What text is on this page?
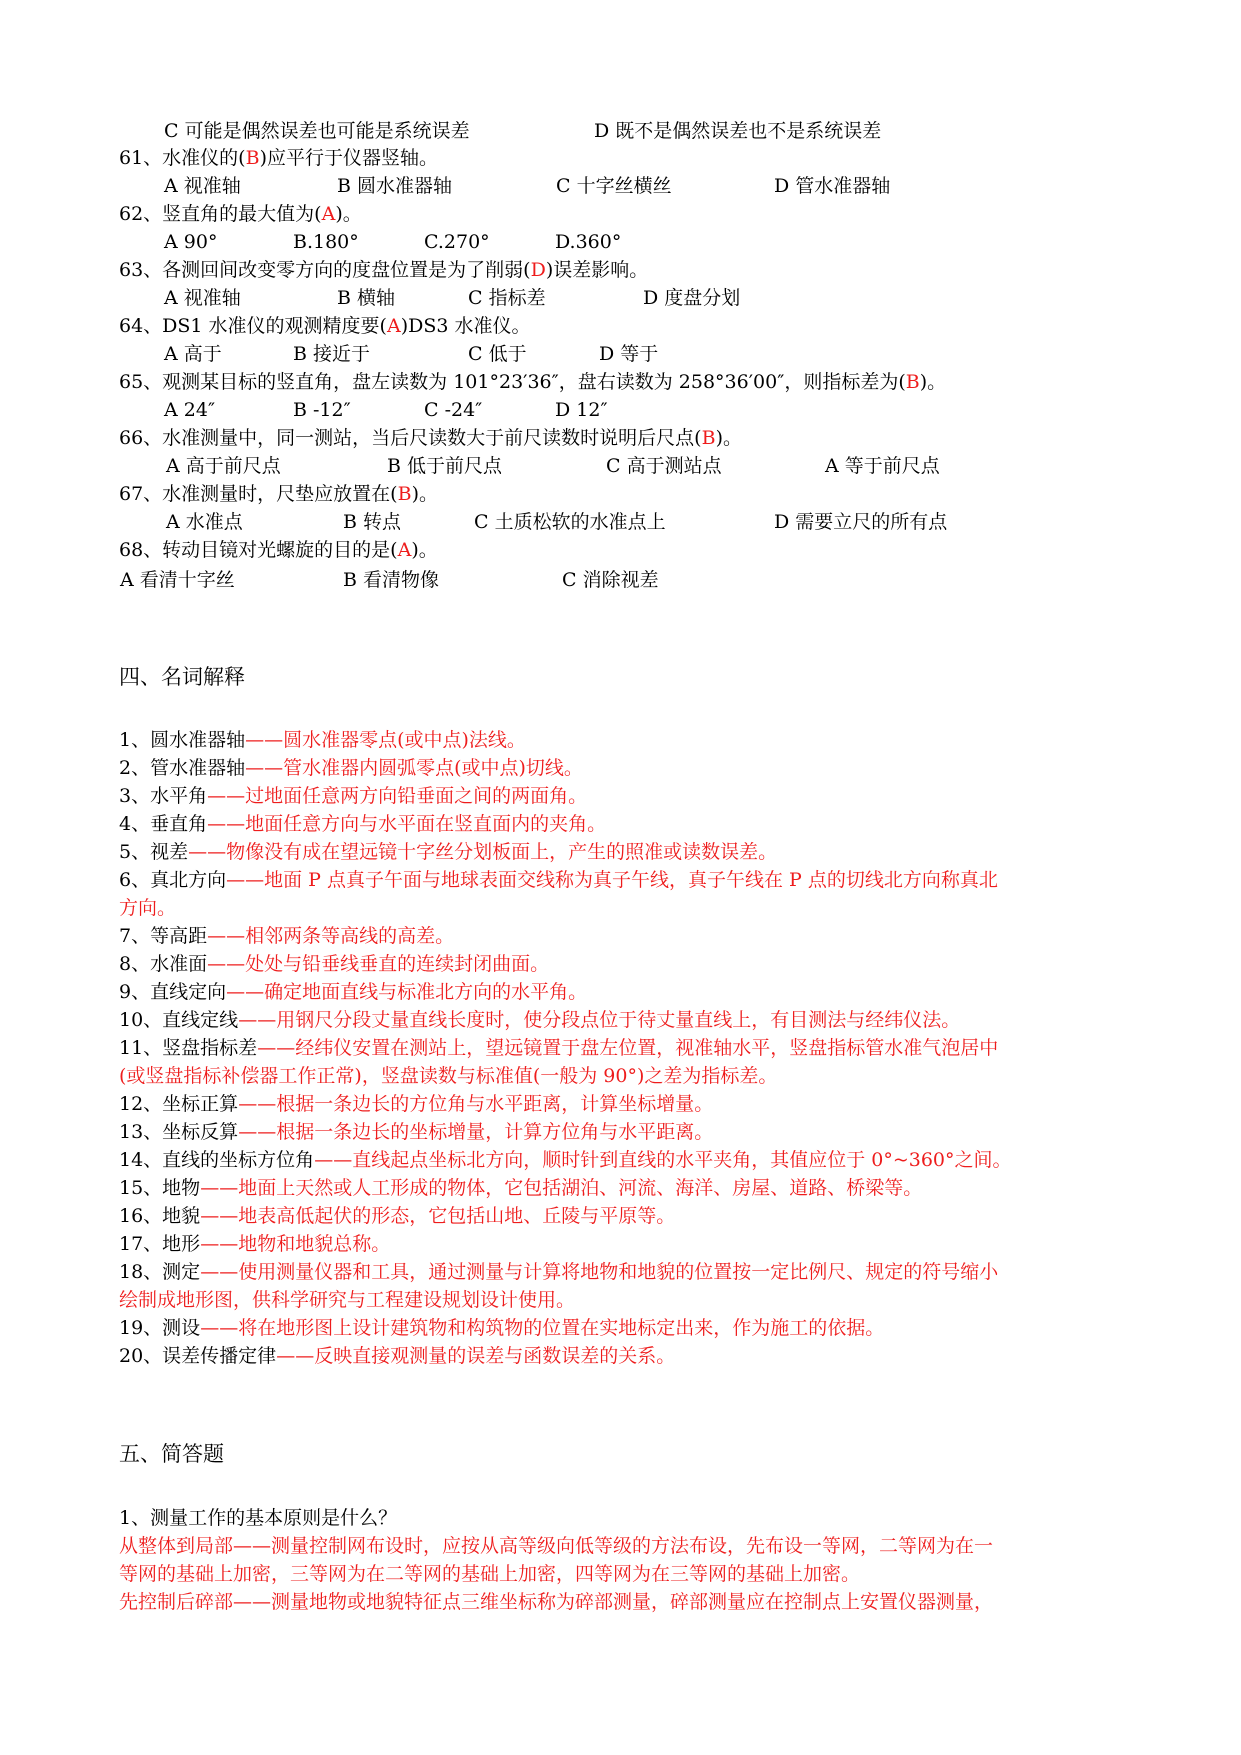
C 可能是偶然误差也可能是系统误差	D 既不是偶然误差也不是系统误差
61、水准仪的(B)应平行于仪器竖轴。
A 视准轴	B 圆水准器轴	C 十字丝横丝	D 管水准器轴
62、竖直角的最大值为(A)。
A 90°	B.180°	C.270°	D.360°
63、各测回间改变零方向的度盘位置是为了削弱(D)误差影响。
A 视准轴	B 横轴	C 指标差	D 度盘分划
64、DS1 水准仪的观测精度要(A)DS3 水准仪。
A 高于	B 接近于	C 低于	D 等于
65、观测某目标的竖直角，盘左读数为 101°23′36″，盘右读数为 258°36′00″，则指标差为(B)。
A 24″	B -12″	C -24″	D 12″
66、水准测量中，同一测站，当后尺读数大于前尺读数时说明后尺点(B)。
A 高于前尺点	B 低于前尺点	C 高于测站点	A 等于前尺点
67、水准测量时，尺垫应放置在(B)。
A 水准点	B 转点	C 土质松软的水准点上	D 需要立尺的所有点
68、转动目镜对光螺旋的目的是(A)。
A 看清十字丝	B 看清物像	C 消除视差
四、名词解释
1、圆水准器轴——圆水准器零点(或中点)法线。
2、管水准器轴——管水准器内圆弧零点(或中点)切线。
3、水平角——过地面任意两方向铅垂面之间的两面角。
4、垂直角——地面任意方向与水平面在竖直面内的夹角。
5、视差——物像没有成在望远镜十字丝分划板面上，产生的照准或读数误差。
6、真北方向——地面 P 点真子午面与地球表面交线称为真子午线，真子午线在 P 点的切线北方向称真北
方向。
7、等高距——相邻两条等高线的高差。
8、水准面——处处与铅垂线垂直的连续封闭曲面。
9、直线定向——确定地面直线与标准北方向的水平角。
10、直线定线——用钢尺分段丈量直线长度时，使分段点位于待丈量直线上，有目测法与经纬仪法。
11、竖盘指标差——经纬仪安置在测站上，望远镜置于盘左位置，视准轴水平，竖盘指标管水准气泡居中
(或竖盘指标补偿器工作正常)，竖盘读数与标准值(一般为 90°)之差为指标差。
12、坐标正算——根据一条边长的方位角与水平距离，计算坐标增量。
13、坐标反算——根据一条边长的坐标增量，计算方位角与水平距离。
14、直线的坐标方位角——直线起点坐标北方向，顺时针到直线的水平夹角，其值应位于 0°~360°之间。
15、地物——地面上天然或人工形成的物体，它包括湖泊、河流、海洋、房屋、道路、桥梁等。
16、地貌——地表高低起伏的形态，它包括山地、丘陵与平原等。
17、地形——地物和地貌总称。
18、测定——使用测量仪器和工具，通过测量与计算将地物和地貌的位置按一定比例尺、规定的符号缩小
绘制成地形图，供科学研究与工程建设规划设计使用。
19、测设——将在地形图上设计建筑物和构筑物的位置在实地标定出来，作为施工的依据。
20、误差传播定律——反映直接观测量的误差与函数误差的关系。
五、简答题
1、测量工作的基本原则是什么？
从整体到局部——测量控制网布设时，应按从高等级向低等级的方法布设，先布设一等网，二等网为在一
等网的基础上加密，三等网为在二等网的基础上加密，四等网为在三等网的基础上加密。
先控制后碎部——测量地物或地貌特征点三维坐标称为碎部测量，碎部测量应在控制点上安置仪器测量，
